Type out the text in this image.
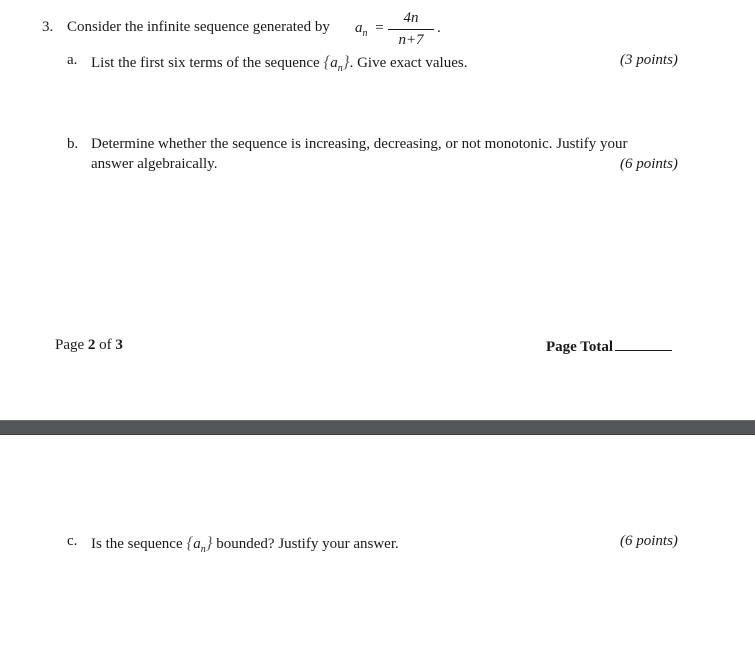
3. Consider the infinite sequence generated by $a_n$ =
4n
n+7
.
a. List the first six terms of the sequence $\{a_n\}$. Give exact values.	(3 points)
b. Determine whether the sequence is increasing, decreasing, or not monotonic. Justify your
answer algebraically.	(6 points)
Page 2 of 3	Page Total
c. Is the sequence $\{a_n\}$ bounded? Justify your answer.	(6 points)
